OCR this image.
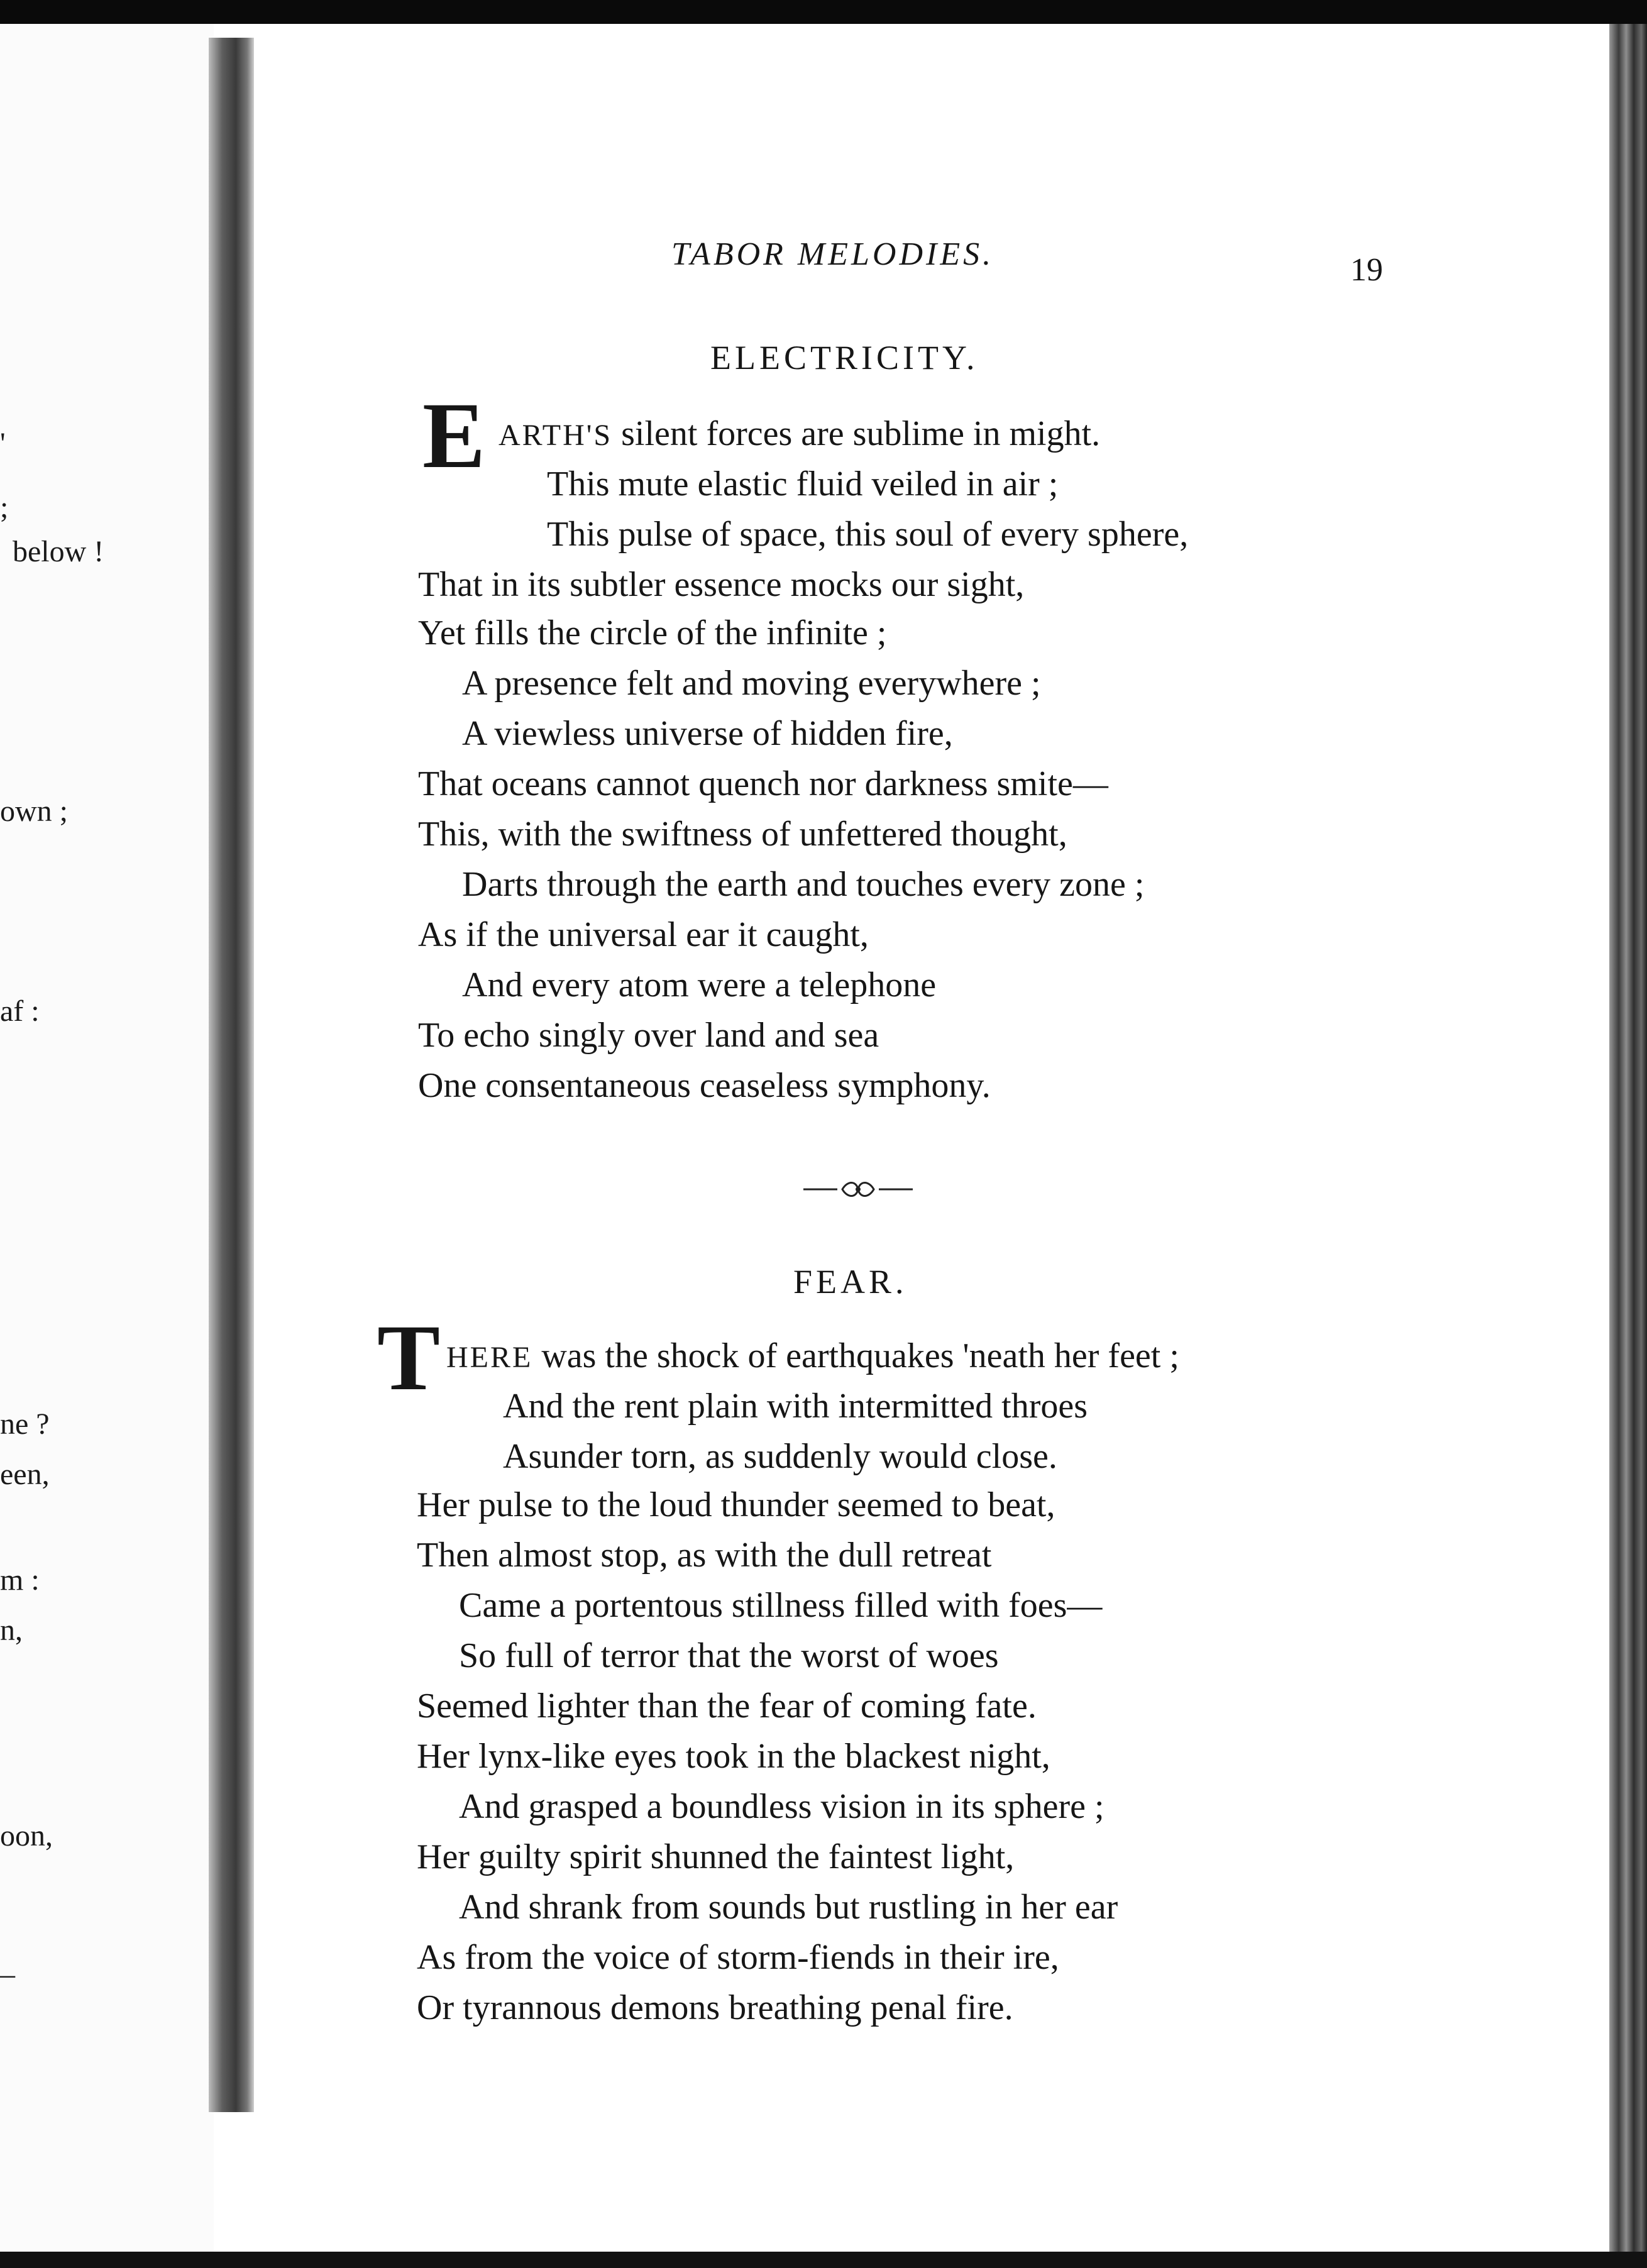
'
;
below !
own ;
af :
ne ?
een,
m :
n,
oon,
–
TABOR MELODIES.	19
ELECTRICITY.
E ARTH'S silent forces are sublime in might.
This mute elastic fluid veiled in air ;
This pulse of space, this soul of every sphere,
That in its subtler essence mocks our sight,
Yet fills the circle of the infinite ;
A presence felt and moving everywhere ;
A viewless universe of hidden fire,
That oceans cannot quench nor darkness smite—
This, with the swiftness of unfettered thought,
Darts through the earth and touches every zone ;
As if the universal ear it caught,
And every atom were a telephone
To echo singly over land and sea
One consentaneous ceaseless symphony.
FEAR.
T HERE was the shock of earthquakes 'neath her feet ;
And the rent plain with intermitted throes
Asunder torn, as suddenly would close.
Her pulse to the loud thunder seemed to beat,
Then almost stop, as with the dull retreat
Came a portentous stillness filled with foes—
So full of terror that the worst of woes
Seemed lighter than the fear of coming fate.
Her lynx-like eyes took in the blackest night,
And grasped a boundless vision in its sphere ;
Her guilty spirit shunned the faintest light,
And shrank from sounds but rustling in her ear
As from the voice of storm-fiends in their ire,
Or tyrannous demons breathing penal fire.
